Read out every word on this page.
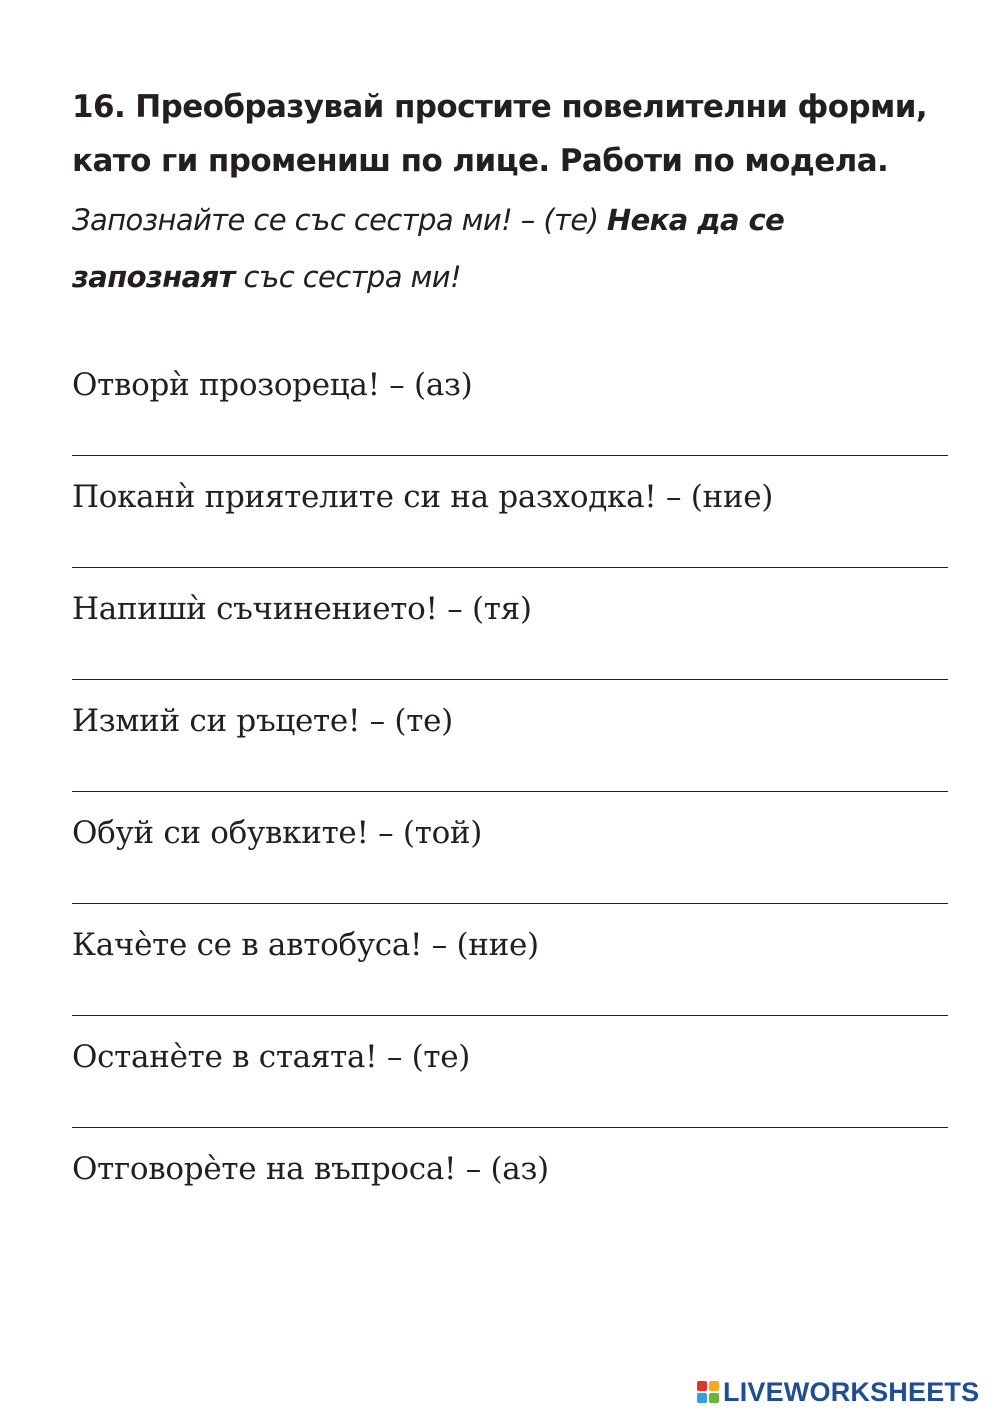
16. Преобразувай простите повелителни форми,
като ги промениш по лице. Работи по модела.

Запознайте се със сестра ми! – (те) Нека да се запознаят със сестра ми!

Отворѝ прозореца! – (аз)
Поканѝ приятелите си на разходка! – (ние)
Напишѝ съчинението! – (тя)
Измий си ръцете! – (те)
Обуй си обувките! – (той)
Качѐте се в автобуса! – (ние)
Останѐте в стаята! – (те)
Отговорѐте на въпроса! – (аз)
LIVEWORKSHEETS
